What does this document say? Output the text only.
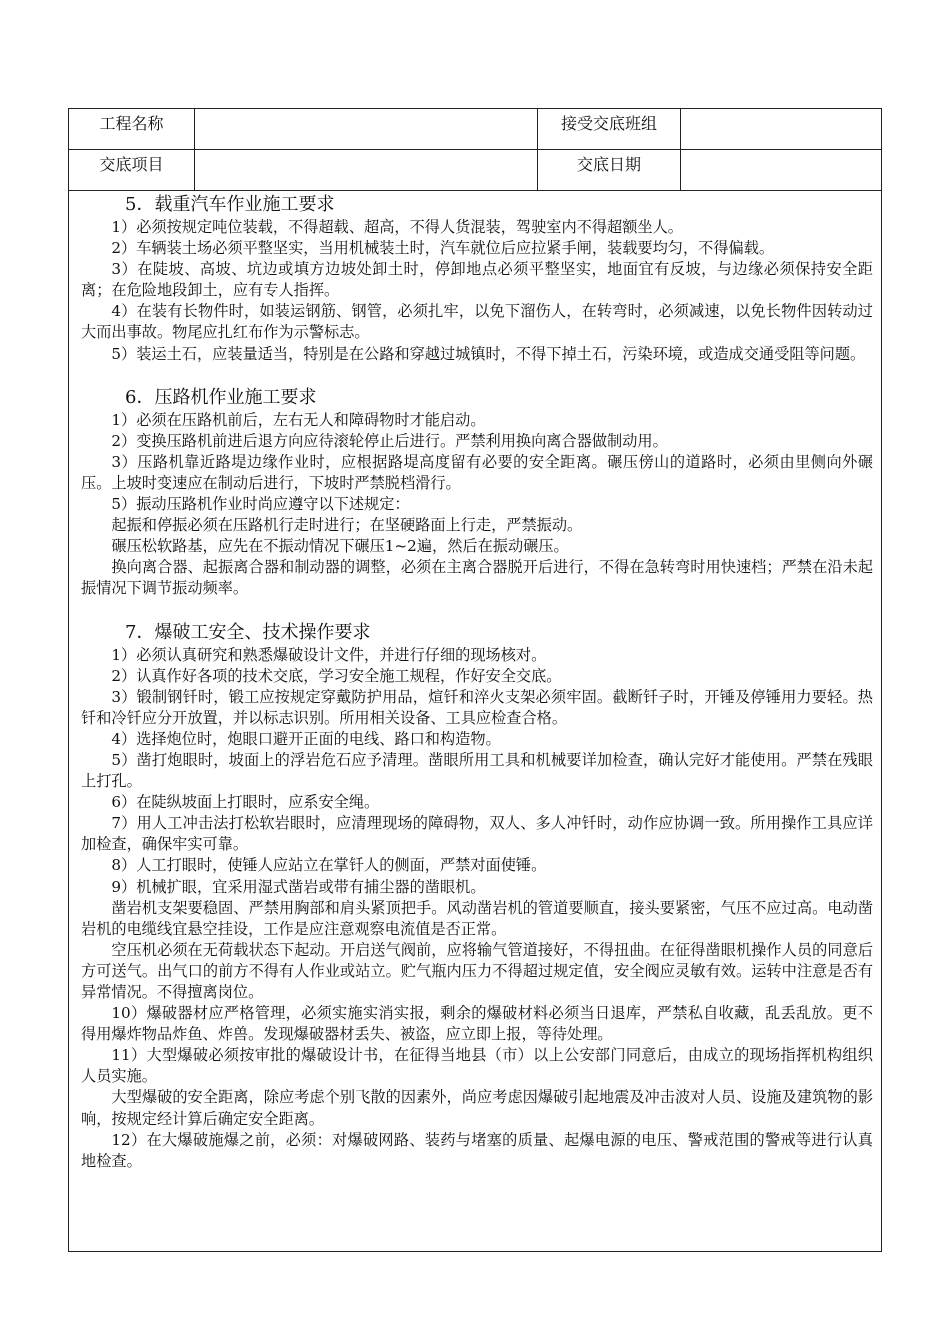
工程名称	接受交底班组
交底项目	交底日期
5．载重汽车作业施工要求

1）必须按规定吨位装载，不得超载、超高，不得人货混装，驾驶室内不得超额坐人。

2）车辆装土场必须平整坚实，当用机械装土时，汽车就位后应拉紧手闸，装载要均匀，不得偏载。

3）在陡坡、高坡、坑边或填方边坡处卸土时，停卸地点必须平整坚实，地面宜有反坡，与边缘必须保持安全距离；在危险地段卸土，应有专人指挥。

4）在装有长物件时，如装运钢筋、钢管，必须扎牢，以免下溜伤人，在转弯时，必须减速，以免长物件因转动过大而出事故。物尾应扎红布作为示警标志。

5）装运土石，应装量适当，特别是在公路和穿越过城镇时，不得下掉土石，污染环境，或造成交通受阻等问题。

6．压路机作业施工要求

1）必须在压路机前后，左右无人和障碍物时才能启动。

2）变换压路机前进后退方向应待滚轮停止后进行。严禁利用换向离合器做制动用。

3）压路机靠近路堤边缘作业时，应根据路堤高度留有必要的安全距离。碾压傍山的道路时，必须由里侧向外碾压。上坡时变速应在制动后进行，下坡时严禁脱档滑行。

5）振动压路机作业时尚应遵守以下述规定：

起振和停振必须在压路机行走时进行；在坚硬路面上行走，严禁振动。

碾压松软路基，应先在不振动情况下碾压1~2遍，然后在振动碾压。

换向离合器、起振离合器和制动器的调整，必须在主离合器脱开后进行，不得在急转弯时用快速档；严禁在沿未起振情况下调节振动频率。

7．爆破工安全、技术操作要求

1）必须认真研究和熟悉爆破设计文件，并进行仔细的现场核对。

2）认真作好各项的技术交底，学习安全施工规程，作好安全交底。

3）锻制钢钎时，锻工应按规定穿戴防护用品，煊钎和淬火支架必须牢固。截断钎子时，开锤及停锤用力要轻。热钎和冷钎应分开放置，并以标志识别。所用相关设备、工具应检查合格。

4）选择炮位时，炮眼口避开正面的电线、路口和构造物。

5）凿打炮眼时，坡面上的浮岩危石应予清理。凿眼所用工具和机械要详加检查，确认完好才能使用。严禁在残眼上打孔。

6）在陡纵坡面上打眼时，应系安全绳。

7）用人工冲击法打松软岩眼时，应清理现场的障碍物，双人、多人冲钎时，动作应协调一致。所用操作工具应详加检查，确保牢实可靠。

8）人工打眼时，使锤人应站立在掌钎人的侧面，严禁对面使锤。

9）机械扩眼，宜采用湿式凿岩或带有捕尘器的凿眼机。

凿岩机支架要稳固、严禁用胸部和肩头紧顶把手。风动凿岩机的管道要顺直，接头要紧密，气压不应过高。电动凿岩机的电缆线宜悬空挂设，工作是应注意观察电流值是否正常。

空压机必须在无荷载状态下起动。开启送气阀前，应将输气管道接好，不得扭曲。在征得凿眼机操作人员的同意后方可送气。出气口的前方不得有人作业或站立。贮气瓶内压力不得超过规定值，安全阀应灵敏有效。运转中注意是否有异常情况。不得擅离岗位。

10）爆破器材应严格管理，必须实施实消实报，剩余的爆破材料必须当日退库，严禁私自收藏，乱丢乱放。更不得用爆炸物品炸鱼、炸兽。发现爆破器材丢失、被盗，应立即上报，等待处理。

11）大型爆破必须按审批的爆破设计书，在征得当地县（市）以上公安部门同意后，由成立的现场指挥机构组织人员实施。

大型爆破的安全距离，除应考虑个别飞散的因素外，尚应考虑因爆破引起地震及冲击波对人员、设施及建筑物的影响，按规定经计算后确定安全距离。

12）在大爆破施爆之前，必须：对爆破网路、装药与堵塞的质量、起爆电源的电压、警戒范围的警戒等进行认真地检查。
